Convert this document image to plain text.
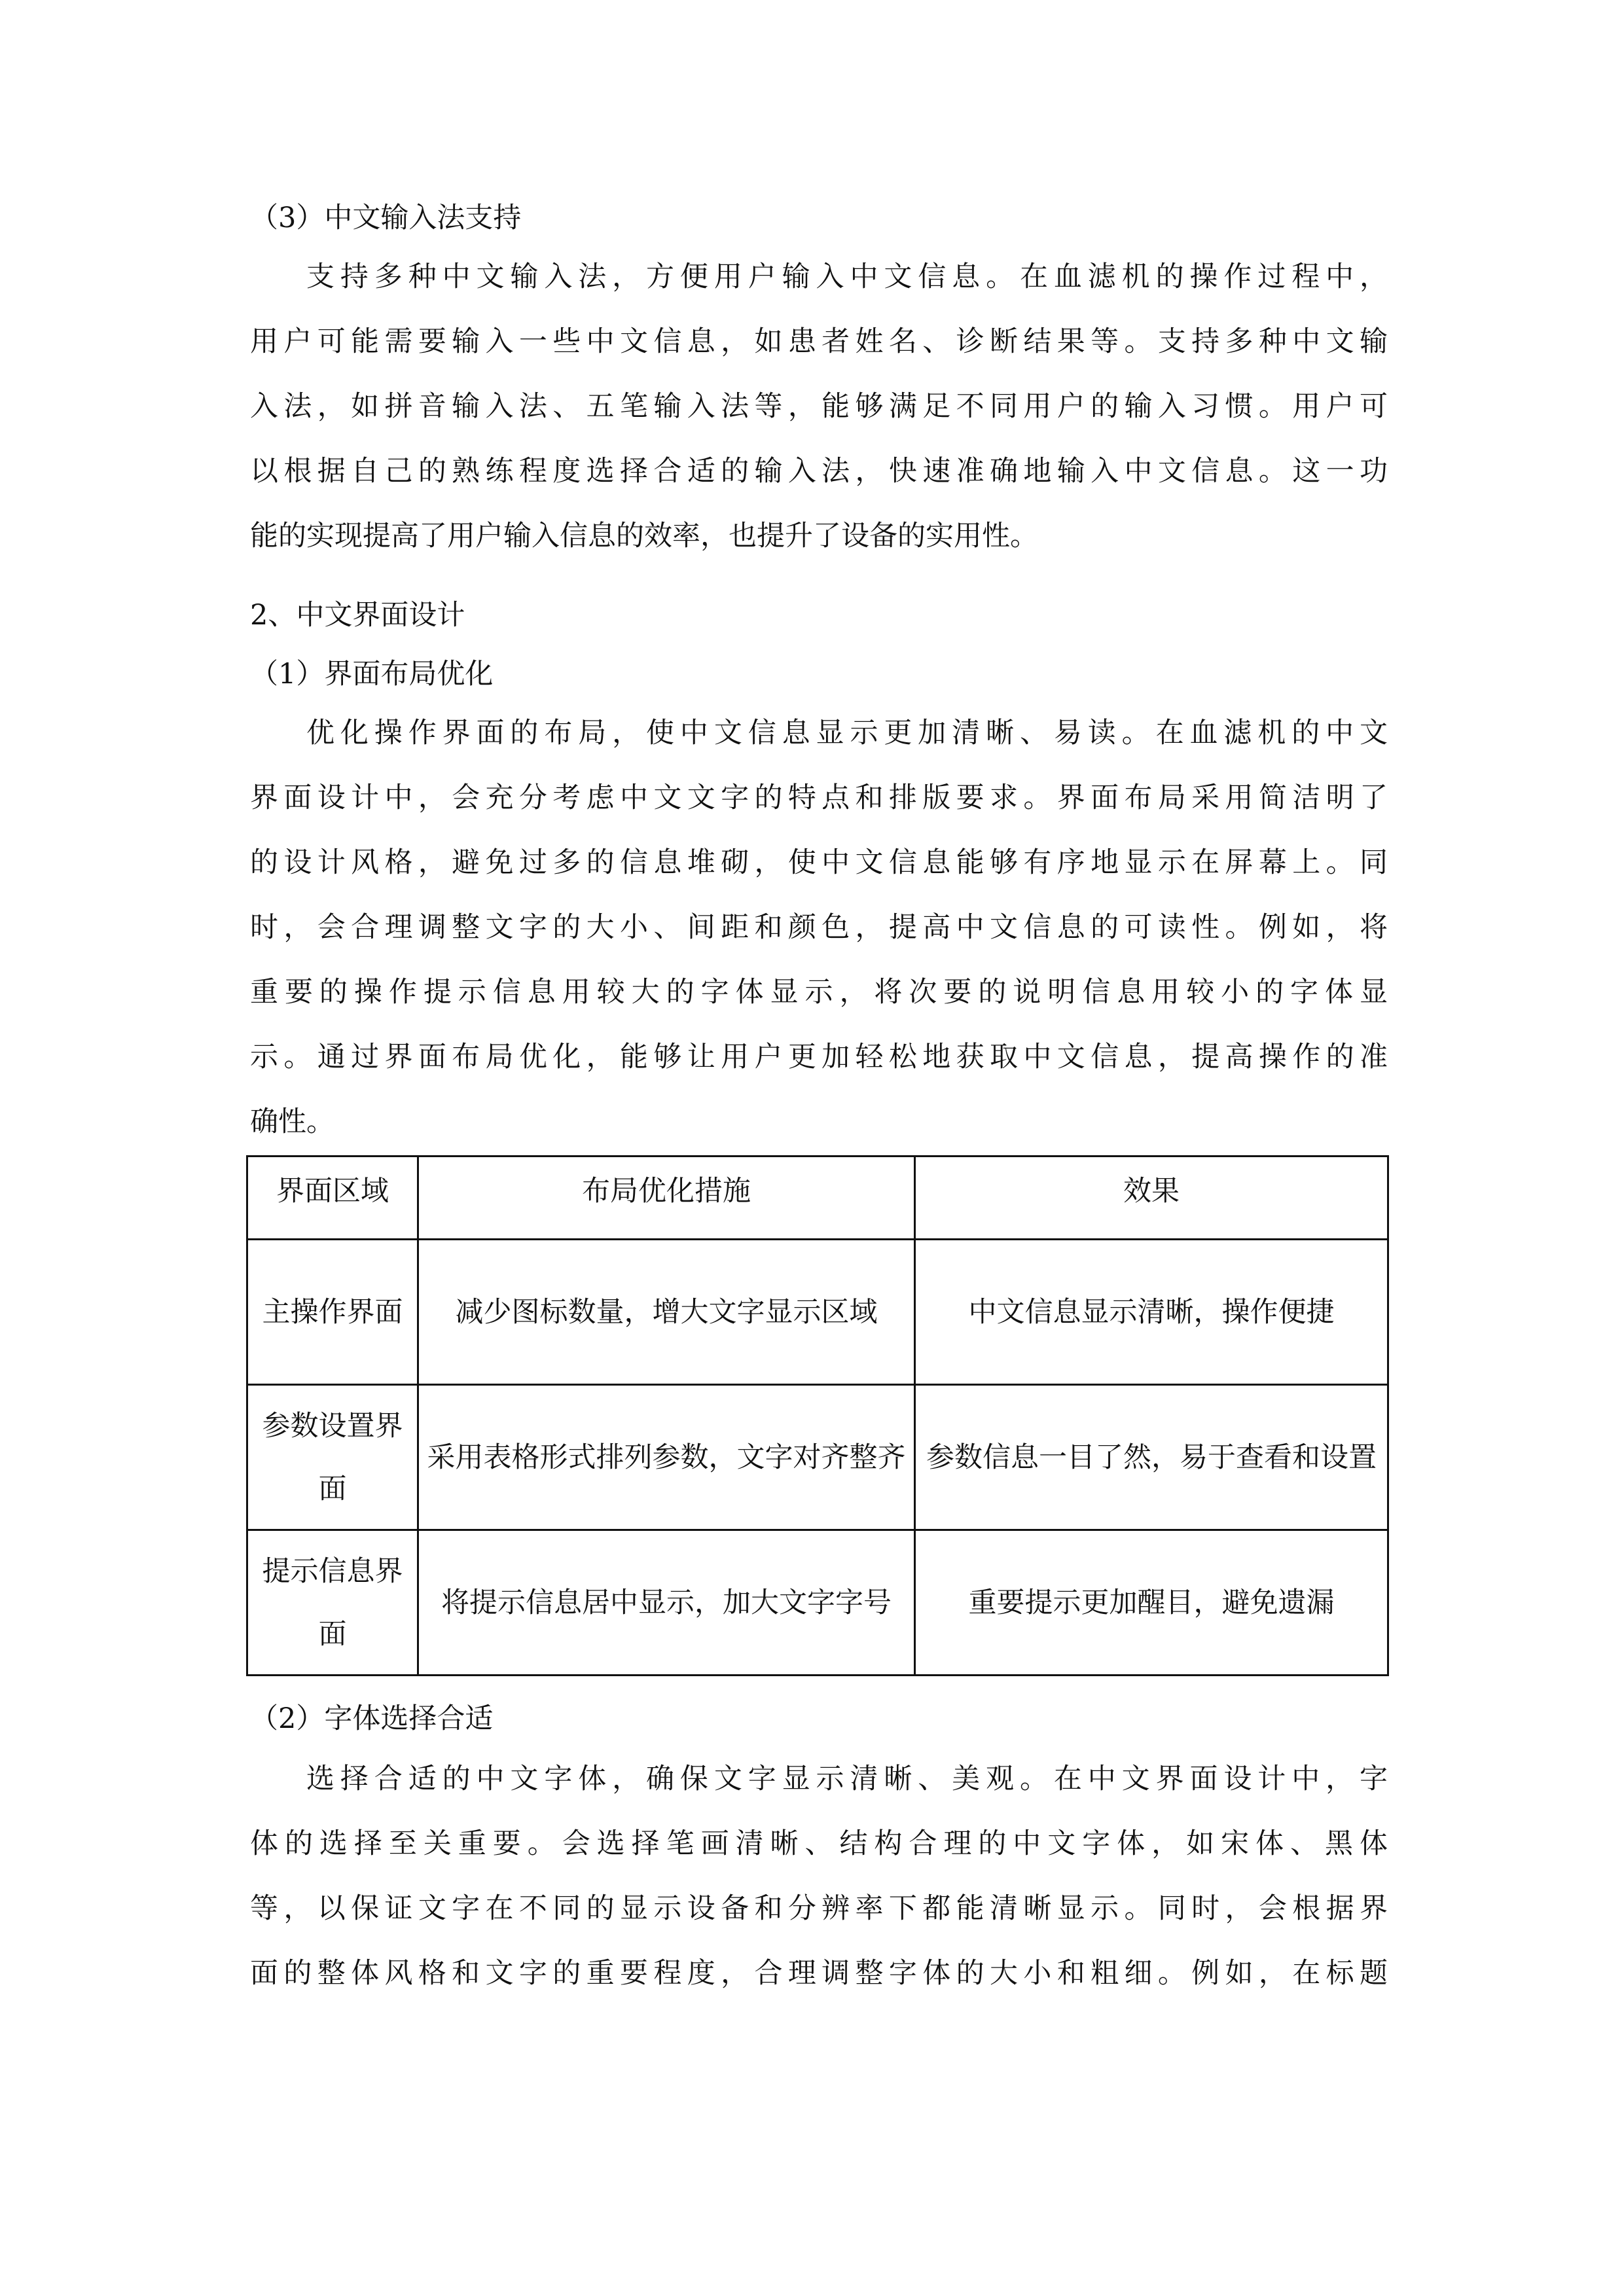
（3）中文输入法支持
支持多种中文输入法，方便用户输入中文信息。在血滤机的操作过程中，
用户可能需要输入一些中文信息，如患者姓名、诊断结果等。支持多种中文输
入法，如拼音输入法、五笔输入法等，能够满足不同用户的输入习惯。用户可
以根据自己的熟练程度选择合适的输入法，快速准确地输入中文信息。这一功
能的实现提高了用户输入信息的效率，也提升了设备的实用性。
2、中文界面设计
（1）界面布局优化
优化操作界面的布局，使中文信息显示更加清晰、易读。在血滤机的中文
界面设计中，会充分考虑中文文字的特点和排版要求。界面布局采用简洁明了
的设计风格，避免过多的信息堆砌，使中文信息能够有序地显示在屏幕上。同
时，会合理调整文字的大小、间距和颜色，提高中文信息的可读性。例如，将
重要的操作提示信息用较大的字体显示，将次要的说明信息用较小的字体显
示。通过界面布局优化，能够让用户更加轻松地获取中文信息，提高操作的准
确性。
界面区域	布局优化措施	效果
主操作界面	减少图标数量，增大文字显示区域	中文信息显示清晰，操作便捷
参数设置界面	采用表格形式排列参数，文字对齐整齐	参数信息一目了然，易于查看和设置
提示信息界面	将提示信息居中显示，加大文字字号	重要提示更加醒目，避免遗漏
（2）字体选择合适
选择合适的中文字体，确保文字显示清晰、美观。在中文界面设计中，字
体的选择至关重要。会选择笔画清晰、结构合理的中文字体，如宋体、黑体
等，以保证文字在不同的显示设备和分辨率下都能清晰显示。同时，会根据界
面的整体风格和文字的重要程度，合理调整字体的大小和粗细。例如，在标题
